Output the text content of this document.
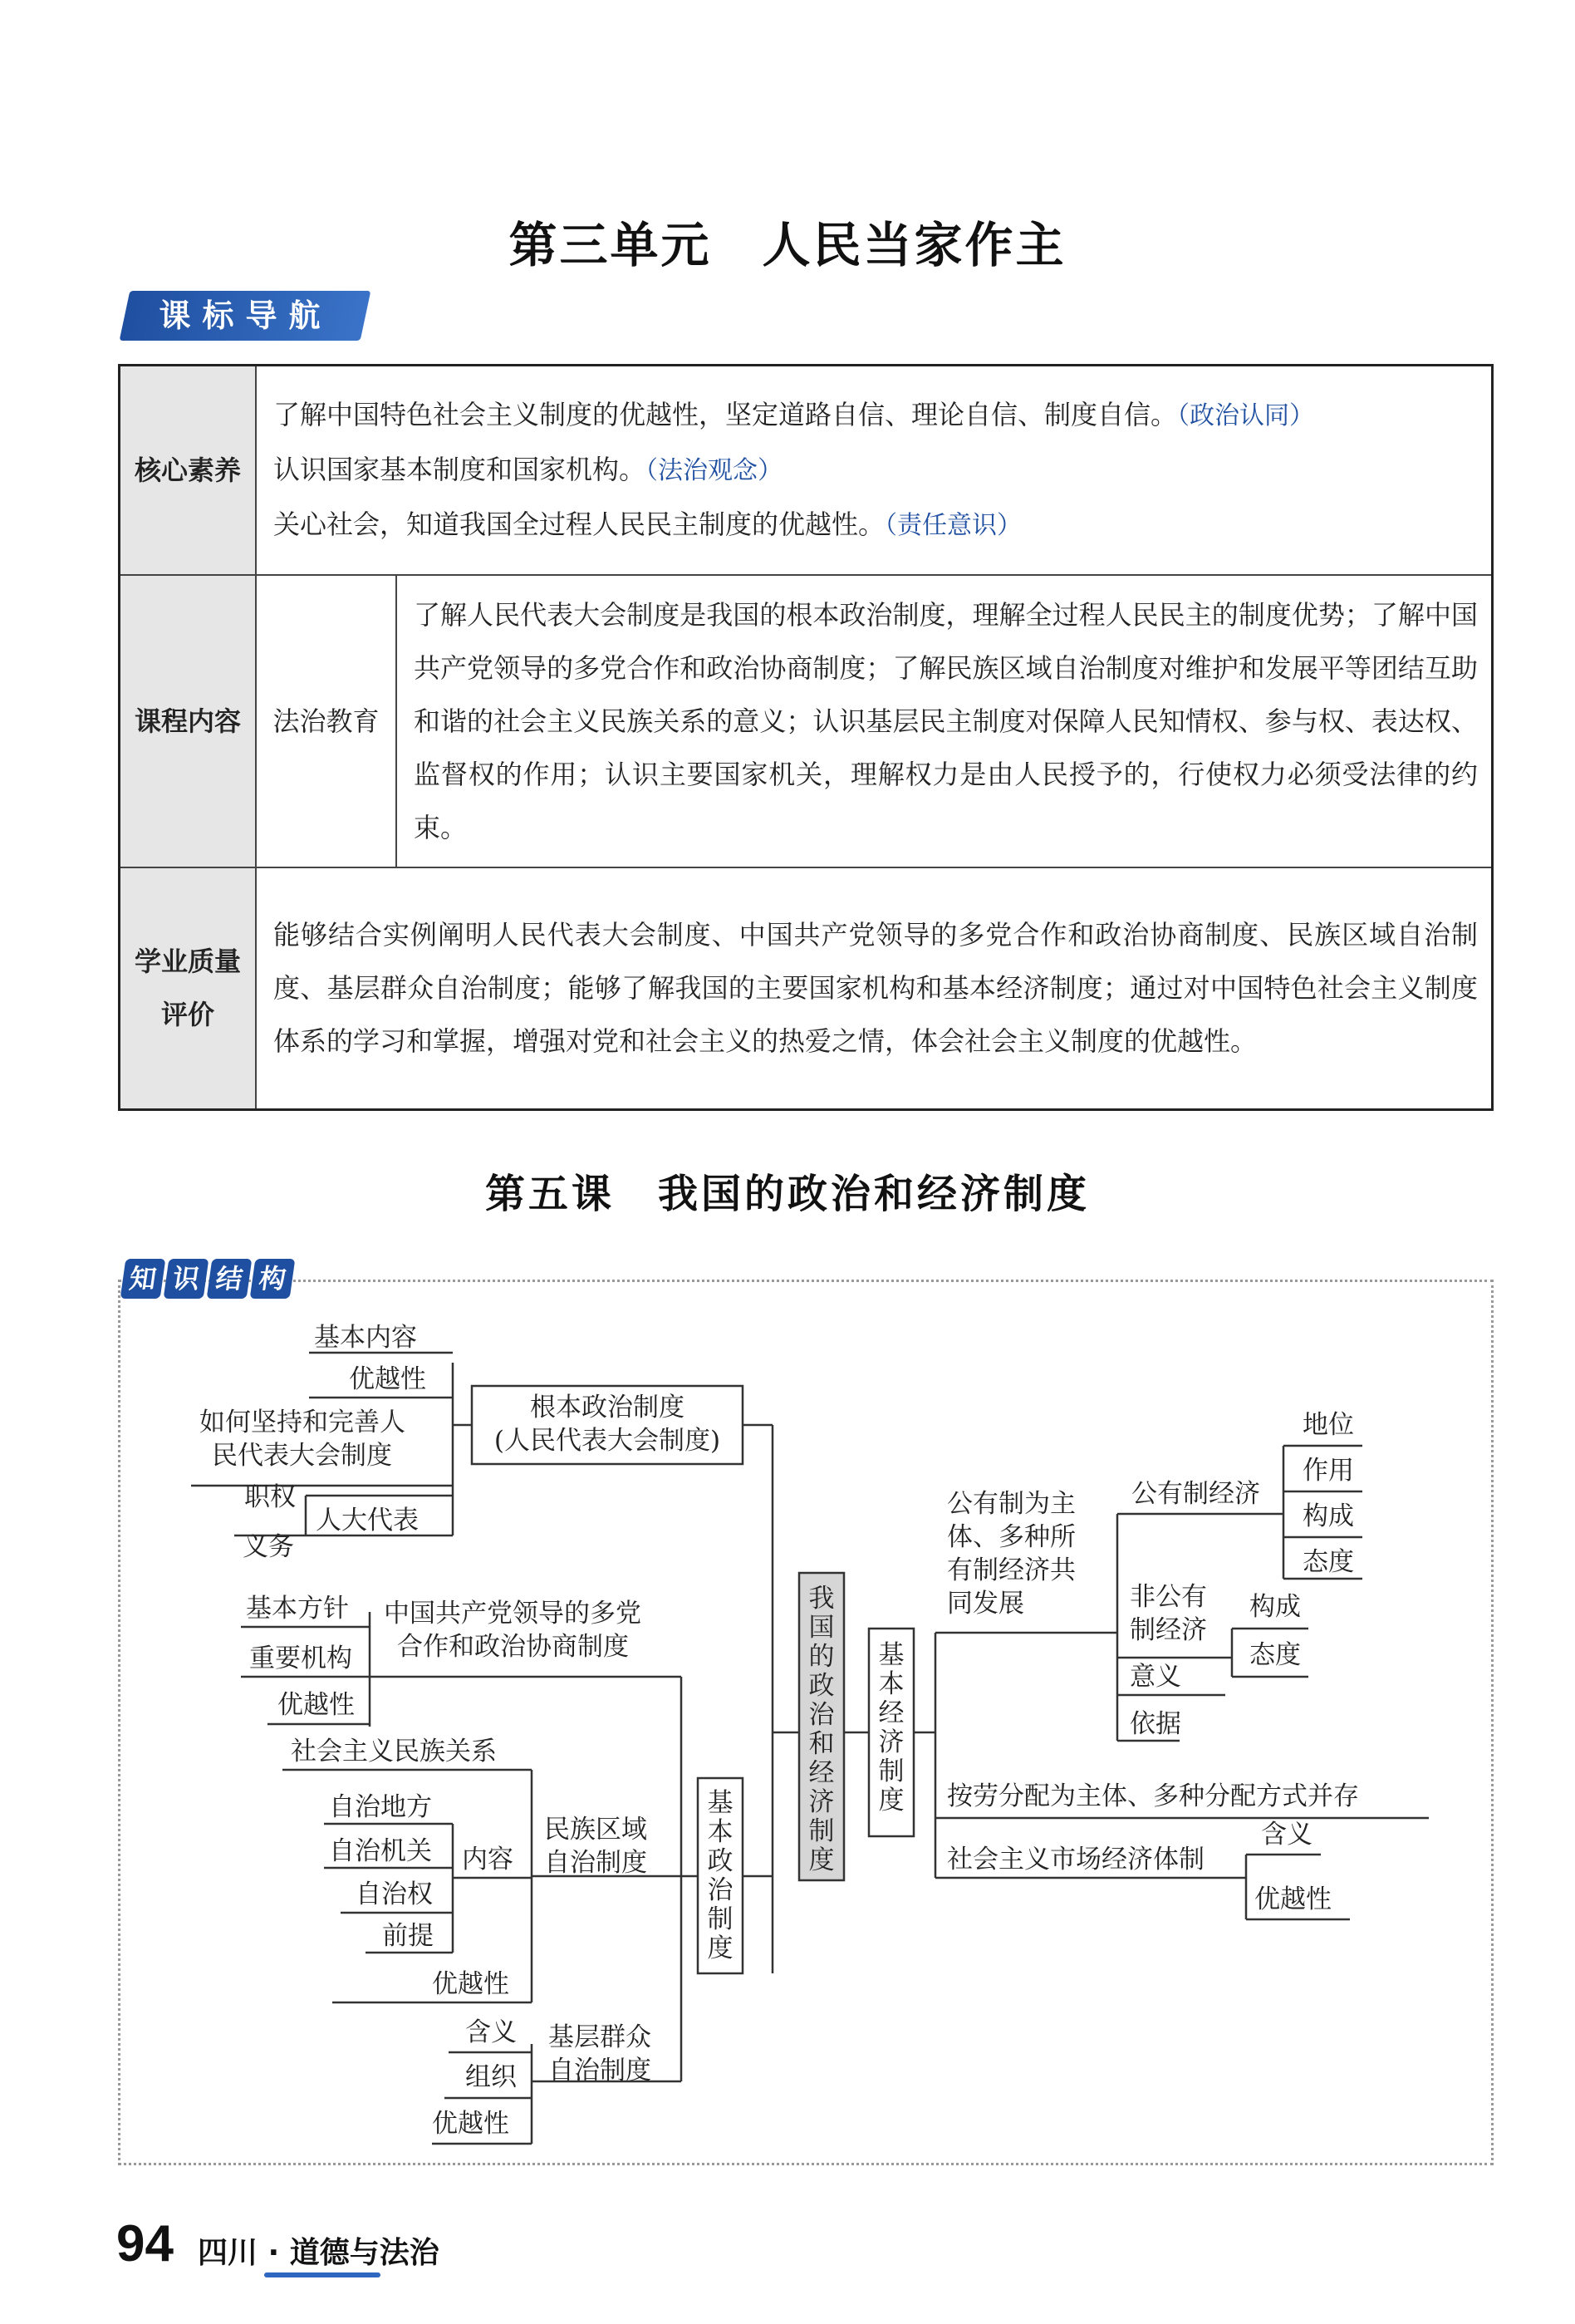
第三单元　人民当家作主
课标导航
核心素养	了解中国特色社会主义制度的优越性，坚定道路自信、理论自信、制度自信。（政治认同）
认识国家基本制度和国家机构。（法治观念）
关心社会，知道我国全过程人民民主制度的优越性。（责任意识）	

课程内容	法治教育	了解人民代表大会制度是我国的根本政治制度，理解全过程人民民主的制度优势；了解中国共产党领导的多党合作和政治协商制度；了解民族区域自治制度对维护和发展平等团结互助和谐的社会主义民族关系的意义；认识基层民主制度对保障人民知情权、参与权、表达权、监督权的作用；认识主要国家机关，理解权力是由人民授予的，行使权力必须受法律的约束。

学业质量
评价	能够结合实例阐明人民代表大会制度、中国共产党领导的多党合作和政治协商制度、民族区域自治制度、基层群众自治制度；能够了解我国的主要国家机构和基本经济制度；通过对中国特色社会主义制度体系的学习和掌握，增强对党和社会主义的热爱之情，体会社会主义制度的优越性。	
第五课　我国的政治和经济制度
知 识 结 构
我
国
的
政
治
和
经
济
制
度
基
本
政
治
制
度
根本政治制度
(人民代表大会制度)
基本内容
优越性
如何坚持和完善人
民代表大会制度
职权
义务
人大代表
中国共产党领导的多党
合作和政治协商制度
基本方针
重要机构
优越性
民族区域
自治制度
社会主义民族关系
自治地方
自治机关
自治权
前提
内容
优越性
基层群众
自治制度
含义
组织
优越性
基
本
经
济
制
度
公有制为主
体、多种所
有制经济共
同发展
公有制经济
地位
作用
构成
态度
非公有
制经济
构成
态度
意义
依据
按劳分配为主体、多种分配方式并存
社会主义市场经济体制
含义
优越性
94 四川 · 道德与法治
